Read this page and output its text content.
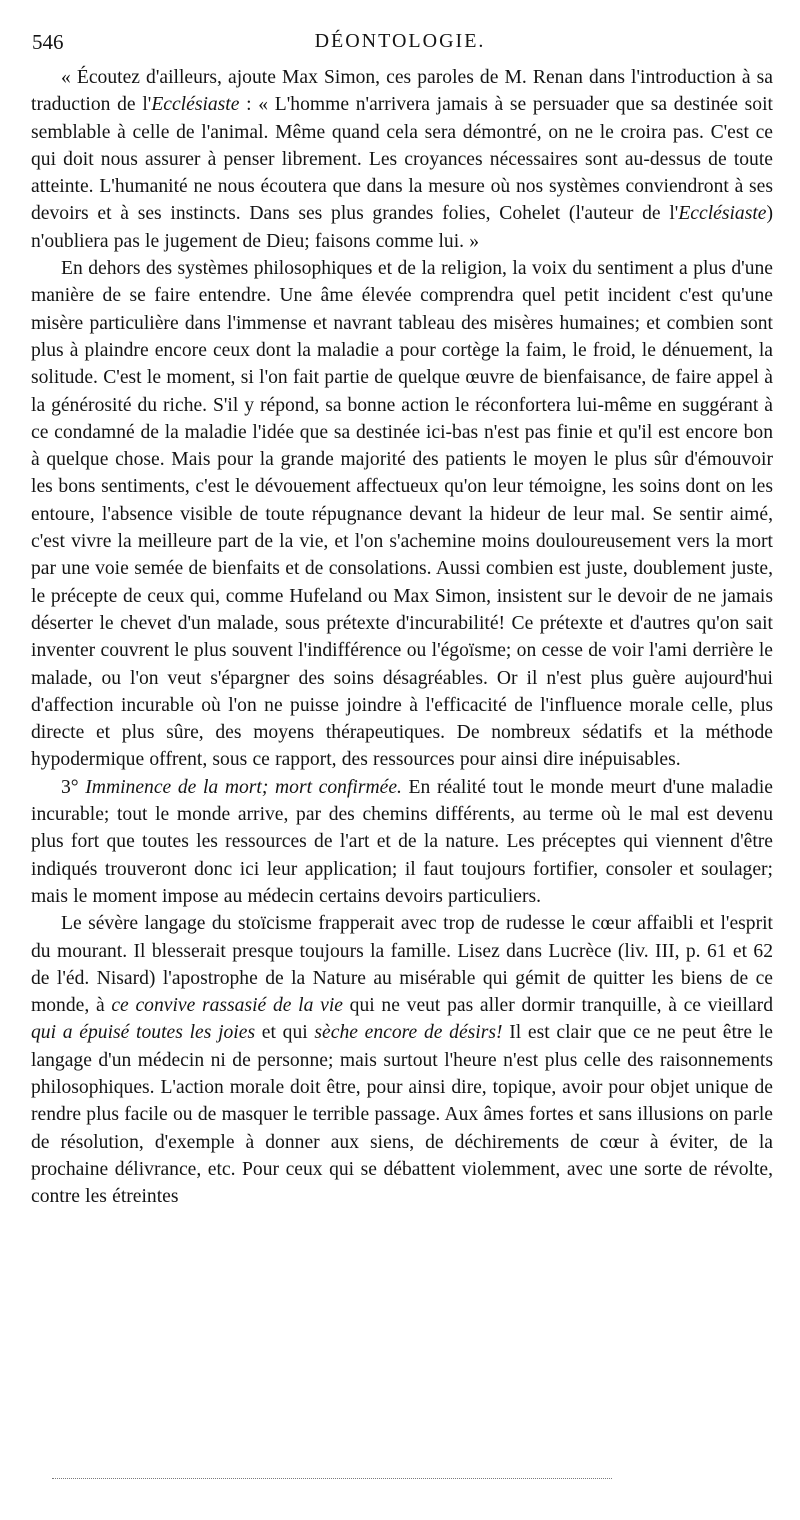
546	DÉONTOLOGIE.

« Écoutez d'ailleurs, ajoute Max Simon, ces paroles de M. Renan dans l'introduction à sa traduction de l'Ecclésiaste : « L'homme n'arrivera jamais à se persuader que sa destinée soit semblable à celle de l'animal. Même quand cela sera démontré, on ne le croira pas. C'est ce qui doit nous assurer à penser librement. Les croyances nécessaires sont au-dessus de toute atteinte. L'humanité ne nous écoutera que dans la mesure où nos systèmes conviendront à ses devoirs et à ses instincts. Dans ses plus grandes folies, Cohelet (l'auteur de l'Ecclésiaste) n'oubliera pas le jugement de Dieu; faisons comme lui. »

En dehors des systèmes philosophiques et de la religion, la voix du sentiment a plus d'une manière de se faire entendre. Une âme élevée comprendra quel petit incident c'est qu'une misère particulière dans l'immense et navrant tableau des misères humaines; et combien sont plus à plaindre encore ceux dont la maladie a pour cortège la faim, le froid, le dénuement, la solitude. C'est le moment, si l'on fait partie de quelque œuvre de bienfaisance, de faire appel à la générosité du riche. S'il y répond, sa bonne action le réconfortera lui-même en suggérant à ce condamné de la maladie l'idée que sa destinée ici-bas n'est pas finie et qu'il est encore bon à quelque chose. Mais pour la grande majorité des patients le moyen le plus sûr d'émouvoir les bons sentiments, c'est le dévouement affectueux qu'on leur témoigne, les soins dont on les entoure, l'absence visible de toute répugnance devant la hideur de leur mal. Se sentir aimé, c'est vivre la meilleure part de la vie, et l'on s'achemine moins douloureusement vers la mort par une voie semée de bienfaits et de consolations. Aussi combien est juste, doublement juste, le précepte de ceux qui, comme Hufeland ou Max Simon, insistent sur le devoir de ne jamais déserter le chevet d'un malade, sous prétexte d'incurabilité! Ce prétexte et d'autres qu'on sait inventer couvrent le plus souvent l'indifférence ou l'égoïsme; on cesse de voir l'ami derrière le malade, ou l'on veut s'épargner des soins désagréables. Or il n'est plus guère aujourd'hui d'affection incurable où l'on ne puisse joindre à l'efficacité de l'influence morale celle, plus directe et plus sûre, des moyens thérapeutiques. De nombreux sédatifs et la méthode hypodermique offrent, sous ce rapport, des ressources pour ainsi dire inépuisables.

3° Imminence de la mort; mort confirmée. En réalité tout le monde meurt d'une maladie incurable; tout le monde arrive, par des chemins différents, au terme où le mal est devenu plus fort que toutes les ressources de l'art et de la nature. Les préceptes qui viennent d'être indiqués trouveront donc ici leur application; il faut toujours fortifier, consoler et soulager; mais le moment impose au médecin certains devoirs particuliers.

Le sévère langage du stoïcisme frapperait avec trop de rudesse le cœur affaibli et l'esprit du mourant. Il blesserait presque toujours la famille. Lisez dans Lucrèce (liv. III, p. 61 et 62 de l'éd. Nisard) l'apostrophe de la Nature au misérable qui gémit de quitter les biens de ce monde, à ce convive rassasié de la vie qui ne veut pas aller dormir tranquille, à ce vieillard qui a épuisé toutes les joies et qui sèche encore de désirs! Il est clair que ce ne peut être le langage d'un médecin ni de personne; mais surtout l'heure n'est plus celle des raisonnements philosophiques. L'action morale doit être, pour ainsi dire, topique, avoir pour objet unique de rendre plus facile ou de masquer le terrible passage. Aux âmes fortes et sans illusions on parle de résolution, d'exemple à donner aux siens, de déchirements de cœur à éviter, de la prochaine délivrance, etc. Pour ceux qui se débattent violemment, avec une sorte de révolte, contre les étreintes
